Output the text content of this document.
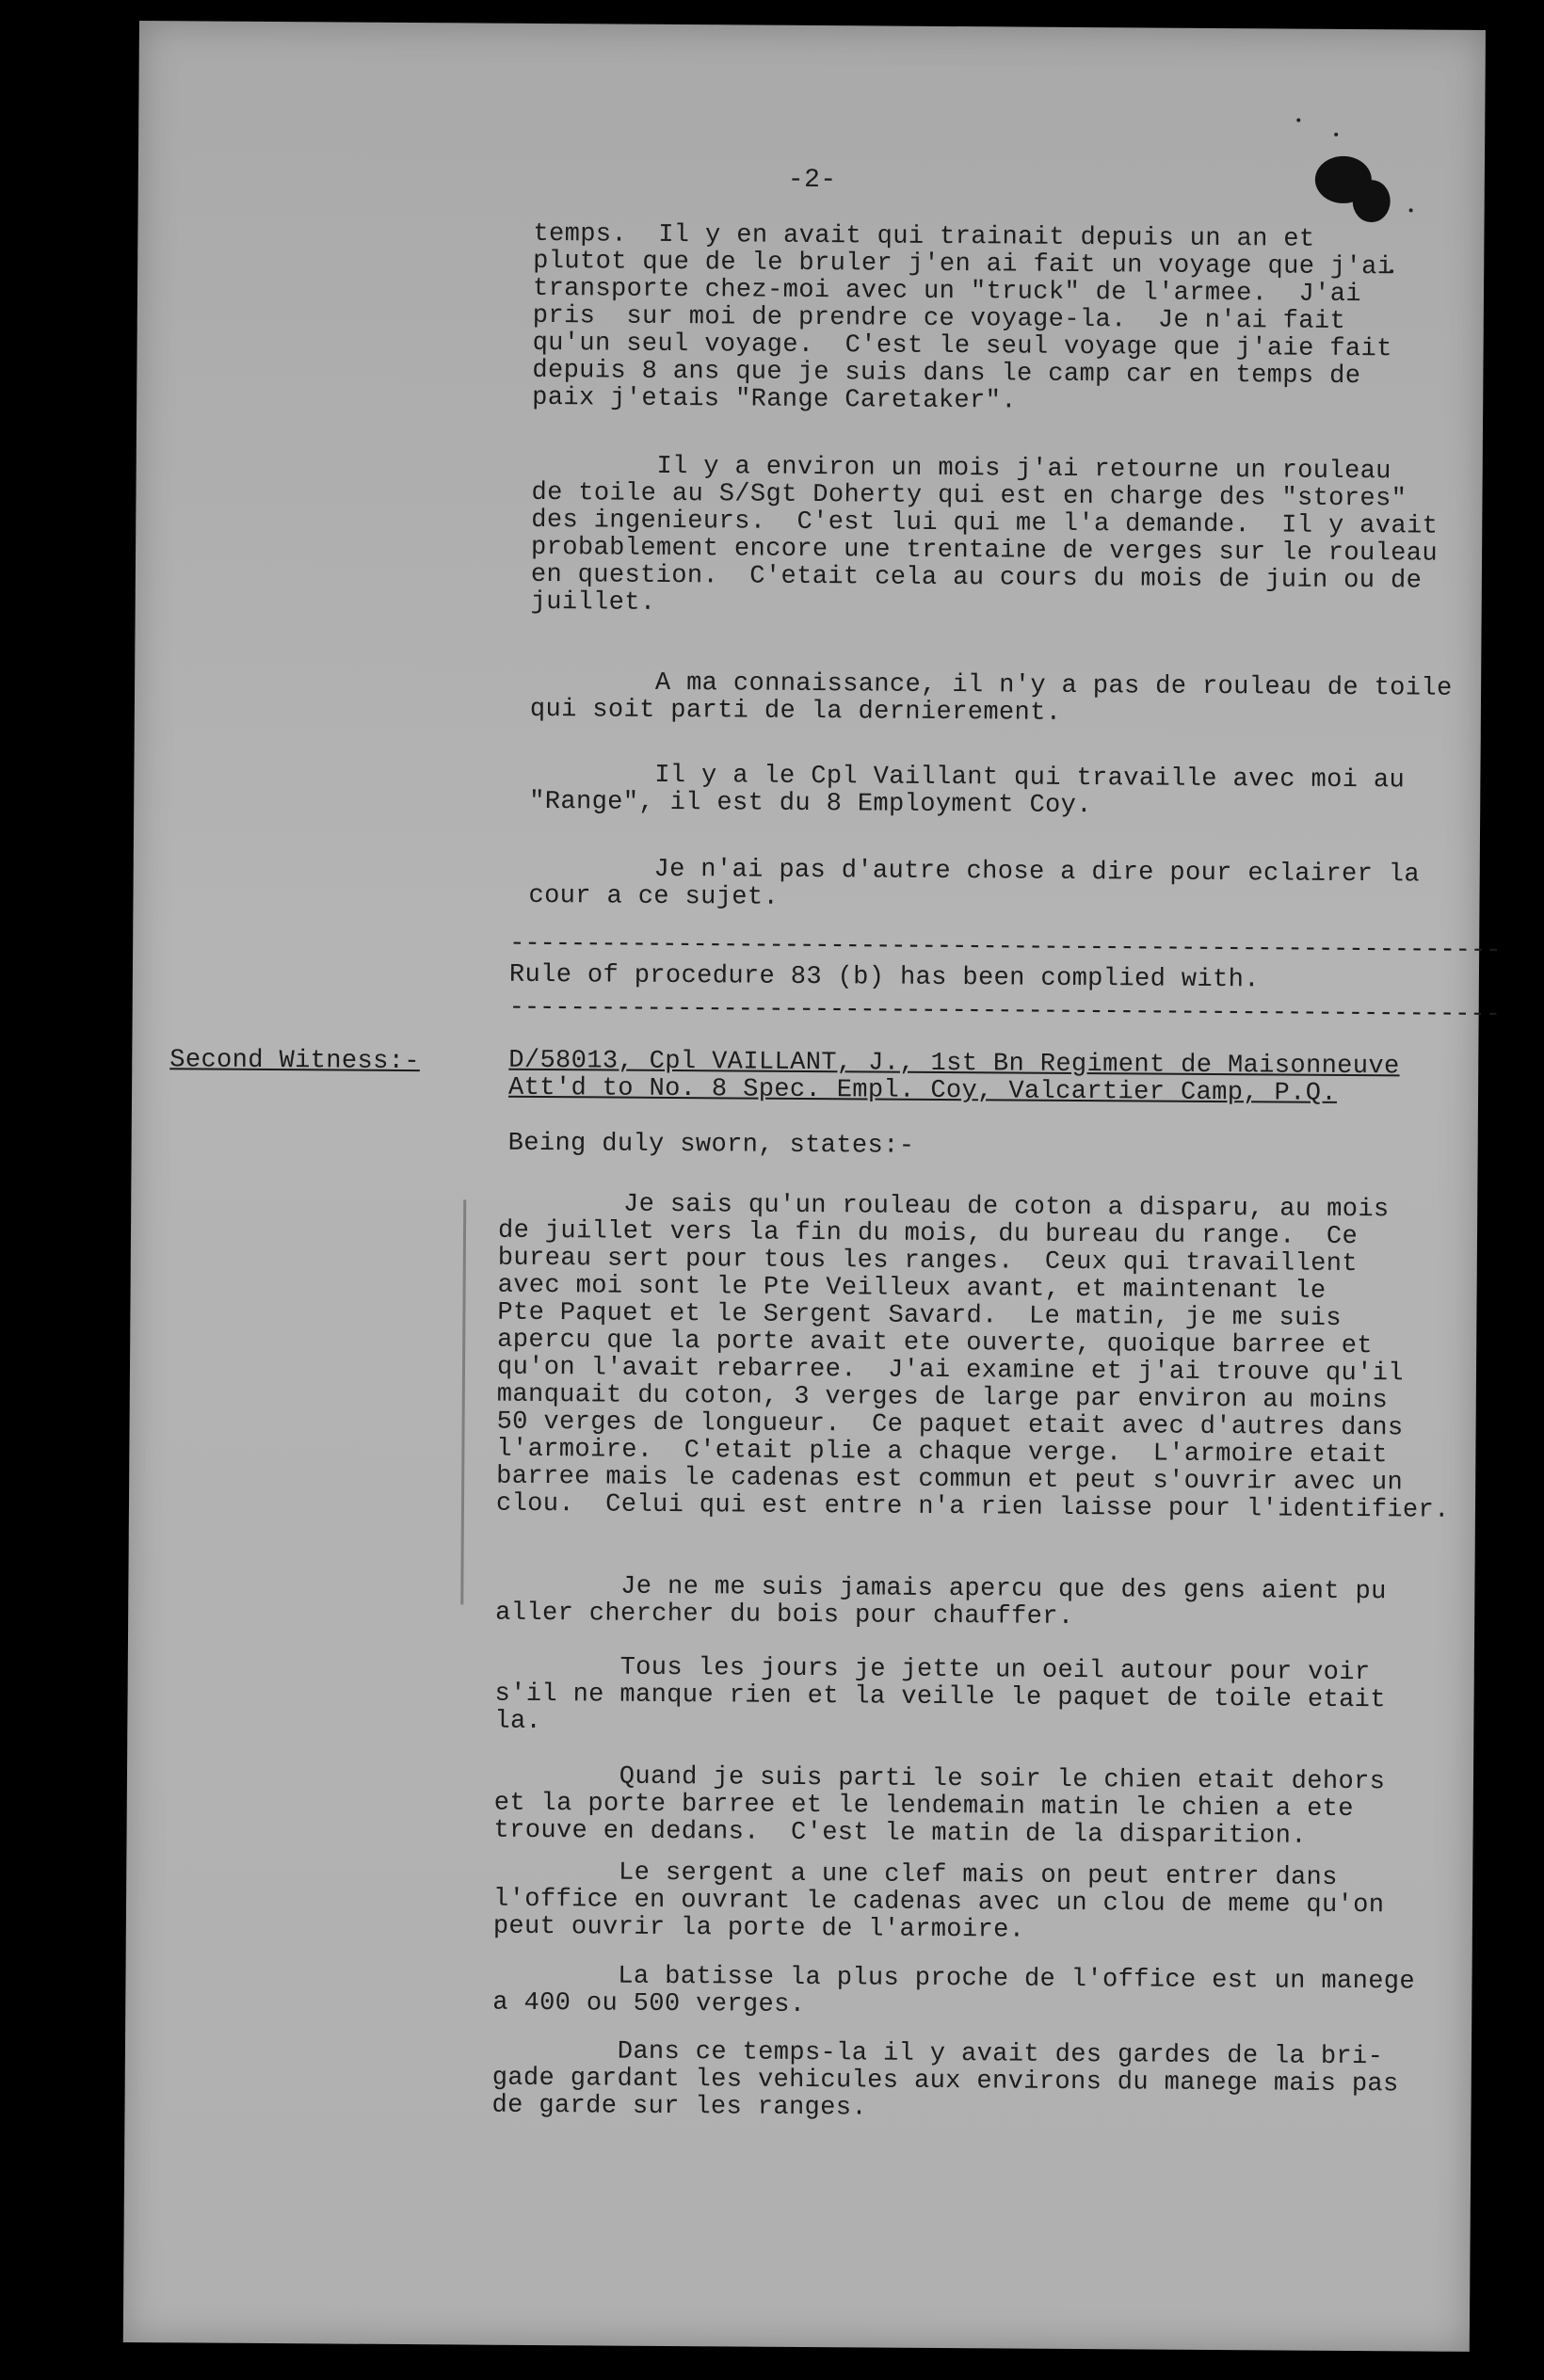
-2-
temps.  Il y en avait qui trainait depuis un an et
plutot que de le bruler j'en ai fait un voyage que j'ai
transporte chez-moi avec un "truck" de l'armee.  J'ai
pris  sur moi de prendre ce voyage-la.  Je n'ai fait
qu'un seul voyage.  C'est le seul voyage que j'aie fait
depuis 8 ans que je suis dans le camp car en temps de
paix j'etais "Range Caretaker".
Il y a environ un mois j'ai retourne un rouleau
de toile au S/Sgt Doherty qui est en charge des "stores"
des ingenieurs.  C'est lui qui me l'a demande.  Il y avait
probablement encore une trentaine de verges sur le rouleau
en question.  C'etait cela au cours du mois de juin ou de
juillet.
A ma connaissance, il n'y a pas de rouleau de toile
qui soit parti de la dernierement.
Il y a le Cpl Vaillant qui travaille avec moi au
"Range", il est du 8 Employment Coy.
Je n'ai pas d'autre chose a dire pour eclairer la
cour a ce sujet.
-----------------------------------------------------------------
Rule of procedure 83 (b) has been complied with.
-----------------------------------------------------------------
Second Witness:-	D/58013, Cpl VAILLANT, J., 1st Bn Regiment de Maisonneuve
Att'd to No. 8 Spec. Empl. Coy, Valcartier Camp, P.Q.
Being duly sworn, states:-
Je sais qu'un rouleau de coton a disparu, au mois
de juillet vers la fin du mois, du bureau du range.  Ce
bureau sert pour tous les ranges.  Ceux qui travaillent
avec moi sont le Pte Veilleux avant, et maintenant le
Pte Paquet et le Sergent Savard.  Le matin, je me suis
apercu que la porte avait ete ouverte, quoique barree et
qu'on l'avait rebarree.  J'ai examine et j'ai trouve qu'il
manquait du coton, 3 verges de large par environ au moins
50 verges de longueur.  Ce paquet etait avec d'autres dans
l'armoire.  C'etait plie a chaque verge.  L'armoire etait
barree mais le cadenas est commun et peut s'ouvrir avec un
clou.  Celui qui est entre n'a rien laisse pour l'identifier.
Je ne me suis jamais apercu que des gens aient pu
aller chercher du bois pour chauffer.
Tous les jours je jette un oeil autour pour voir
s'il ne manque rien et la veille le paquet de toile etait
la.
Quand je suis parti le soir le chien etait dehors
et la porte barree et le lendemain matin le chien a ete
trouve en dedans.  C'est le matin de la disparition.
Le sergent a une clef mais on peut entrer dans
l'office en ouvrant le cadenas avec un clou de meme qu'on
peut ouvrir la porte de l'armoire.
La batisse la plus proche de l'office est un manege
a 400 ou 500 verges.
Dans ce temps-la il y avait des gardes de la bri-
gade gardant les vehicules aux environs du manege mais pas
de garde sur les ranges.
